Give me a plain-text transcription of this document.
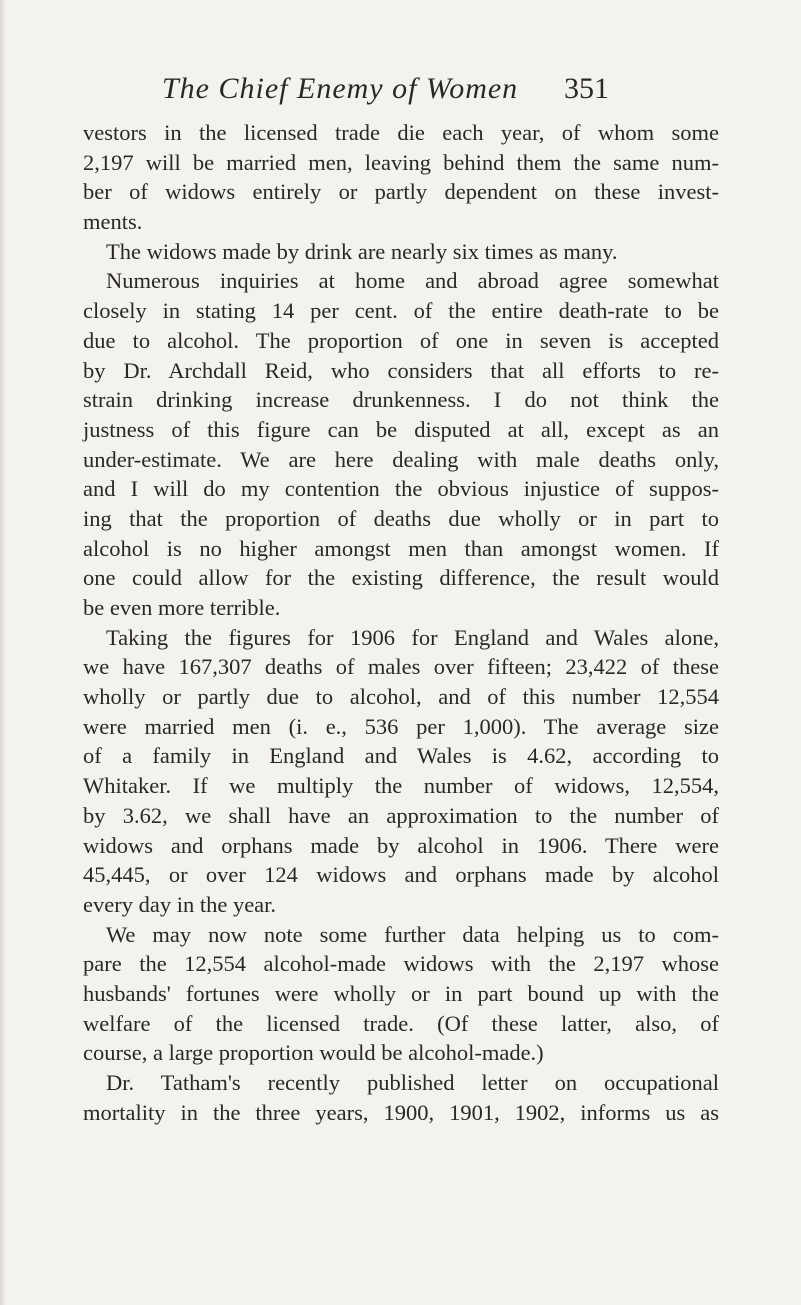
The Chief Enemy of Women 351
vestors in the licensed trade die each year, of whom some
2,197 will be married men, leaving behind them the same num-
ber of widows entirely or partly dependent on these invest-
ments.
The widows made by drink are nearly six times as many.
Numerous inquiries at home and abroad agree somewhat
closely in stating 14 per cent. of the entire death-rate to be
due to alcohol. The proportion of one in seven is accepted
by Dr. Archdall Reid, who considers that all efforts to re-
strain drinking increase drunkenness. I do not think the
justness of this figure can be disputed at all, except as an
under-estimate. We are here dealing with male deaths only,
and I will do my contention the obvious injustice of suppos-
ing that the proportion of deaths due wholly or in part to
alcohol is no higher amongst men than amongst women. If
one could allow for the existing difference, the result would
be even more terrible.
Taking the figures for 1906 for England and Wales alone,
we have 167,307 deaths of males over fifteen; 23,422 of these
wholly or partly due to alcohol, and of this number 12,554
were married men (i. e., 536 per 1,000). The average size
of a family in England and Wales is 4.62, according to
Whitaker. If we multiply the number of widows, 12,554,
by 3.62, we shall have an approximation to the number of
widows and orphans made by alcohol in 1906. There were
45,445, or over 124 widows and orphans made by alcohol
every day in the year.
We may now note some further data helping us to com-
pare the 12,554 alcohol-made widows with the 2,197 whose
husbands' fortunes were wholly or in part bound up with the
welfare of the licensed trade. (Of these latter, also, of
course, a large proportion would be alcohol-made.)
Dr. Tatham's recently published letter on occupational
mortality in the three years, 1900, 1901, 1902, informs us as
